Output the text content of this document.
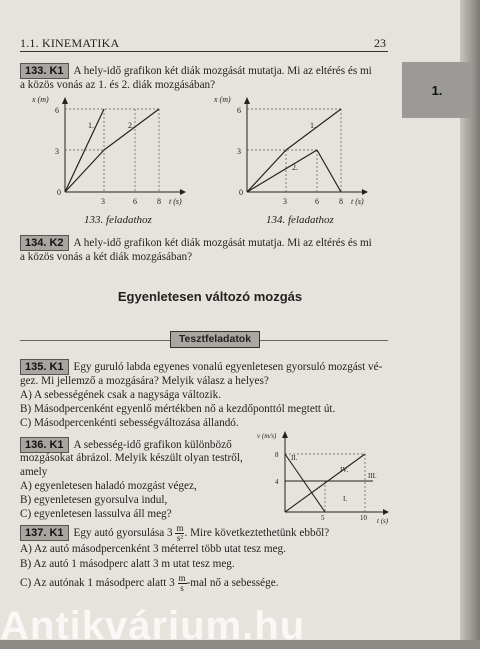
1.1. KINEMATIKA	23
1.
133. K1 A hely-idő grafikon két diák mozgását mutatja. Mi az eltérés és mi
a közös vonás az 1. és 2. diák mozgásában?
x (m)
t (s)
6
3
0
3	6	8
1.	2.
133. feladathoz
x (m)
t (s)
6
3
0
3	6	8
1.
2.
134. feladathoz
134. K2 A hely-idő grafikon két diák mozgását mutatja. Mi az eltérés és mi
a közös vonás a két diák mozgásában?
Egyenletesen változó mozgás
Tesztfeladatok
135. K1 Egy guruló labda egyenes vonalú egyenletesen gyorsuló mozgást vé-
gez. Mi jellemző a mozgására? Melyik válasz a helyes?
A) A sebességének csak a nagysága változik.
B) Másodpercenként egyenlő mértékben nő a kezdőponttól megtett út.
C) Másodpercenkénti sebességváltozása állandó.
136. K1 A sebesség-idő grafikon különböző
mozgásokat ábrázol. Melyik készült olyan testről,
amely
A) egyenletesen haladó mozgást végez,
B) egyenletesen gyorsulva indul,
C) egyenletesen lassulva áll meg?
v (m/s)
t (s)
8
4
5	10
II.
IV.
III.
I.
137. K1 Egy autó gyorsulása $3 \frac{m}{\text{s²}}$ . Mire következtethetünk ebből?
A) Az autó másodpercenként 3 méterrel több utat tesz meg.
B) Az autó 1 másodperc alatt 3 m utat tesz meg.
C) Az autónak 1 másodperc alatt $3 \frac{m}{s} -mal$ nő a sebessége.
Antikvárium.hu
